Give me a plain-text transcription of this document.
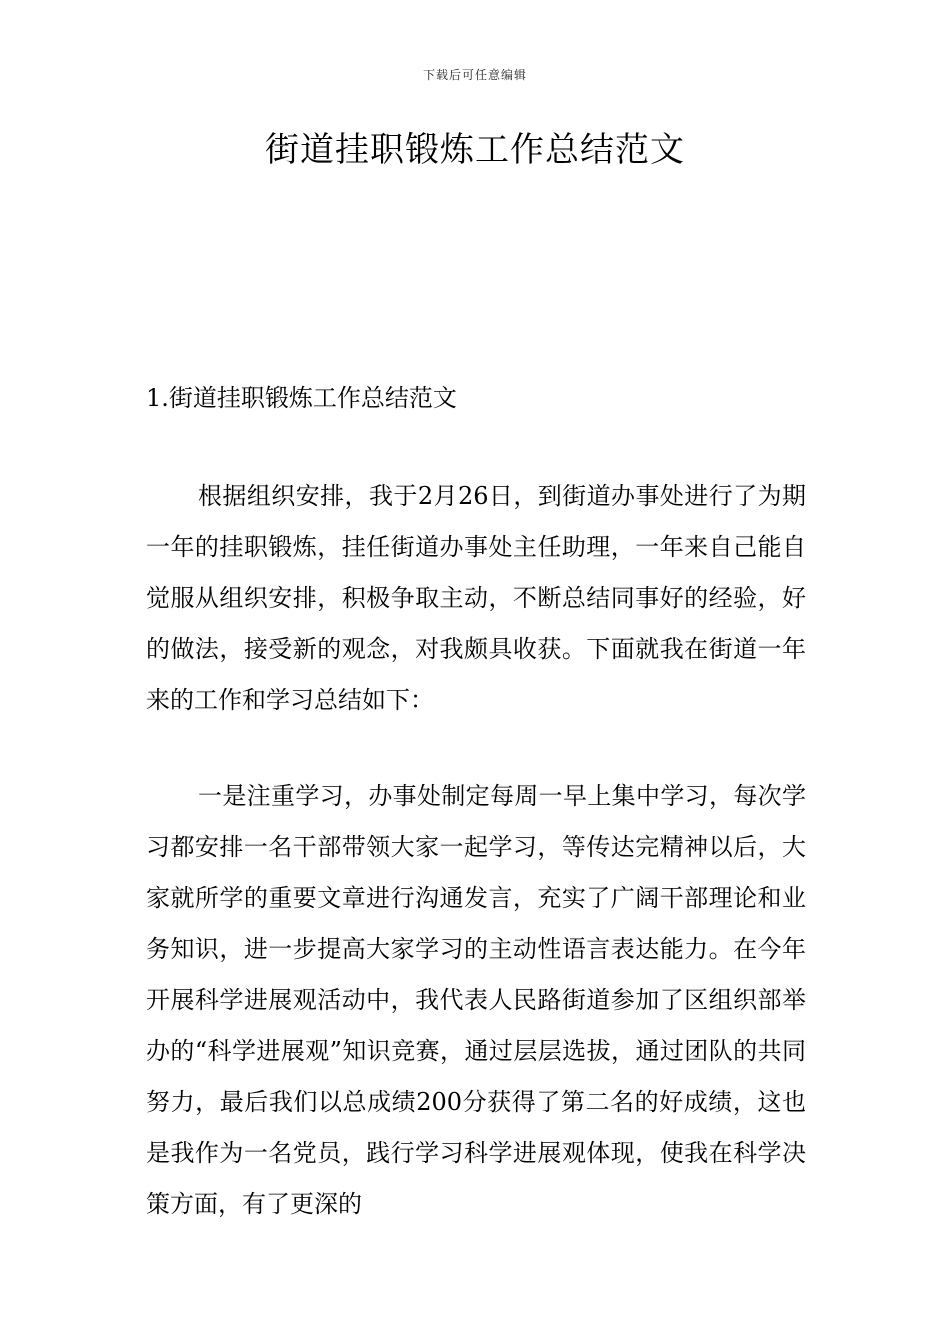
下载后可任意编辑
街道挂职锻炼工作总结范文
1.街道挂职锻炼工作总结范文

根据组织安排，我于2月26日，到街道办事处进行了为期一年的挂职锻炼，挂任街道办事处主任助理，一年来自己能自觉服从组织安排，积极争取主动，不断总结同事好的经验，好的做法，接受新的观念，对我颇具收获。下面就我在街道一年来的工作和学习总结如下：

一是注重学习，办事处制定每周一早上集中学习，每次学习都安排一名干部带领大家一起学习，等传达完精神以后，大家就所学的重要文章进行沟通发言，充实了广阔干部理论和业务知识，进一步提高大家学习的主动性语言表达能力。在今年开展科学进展观活动中，我代表人民路街道参加了区组织部举办的“科学进展观”知识竞赛，通过层层选拔，通过团队的共同努力，最后我们以总成绩200分获得了第二名的好成绩，这也是我作为一名党员，践行学习科学进展观体现，使我在科学决策方面，有了更深的
